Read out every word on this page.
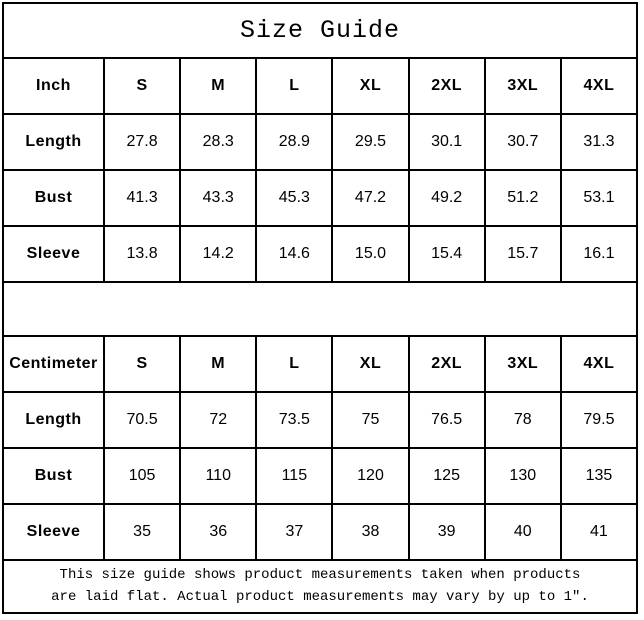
Size Guide							
Inch	S	M	L	XL	2XL	3XL	4XL
Length	27.8	28.3	28.9	29.5	30.1	30.7	31.3
Bust	41.3	43.3	45.3	47.2	49.2	51.2	53.1
Sleeve	13.8	14.2	14.6	15.0	15.4	15.7	16.1

Centimeter	S	M	L	XL	2XL	3XL	4XL
Length	70.5	72	73.5	75	76.5	78	79.5
Bust	105	110	115	120	125	130	135
Sleeve	35	36	37	38	39	40	41

This size guide shows product measurements taken when products
are laid flat. Actual product measurements may vary by up to 1″.							
